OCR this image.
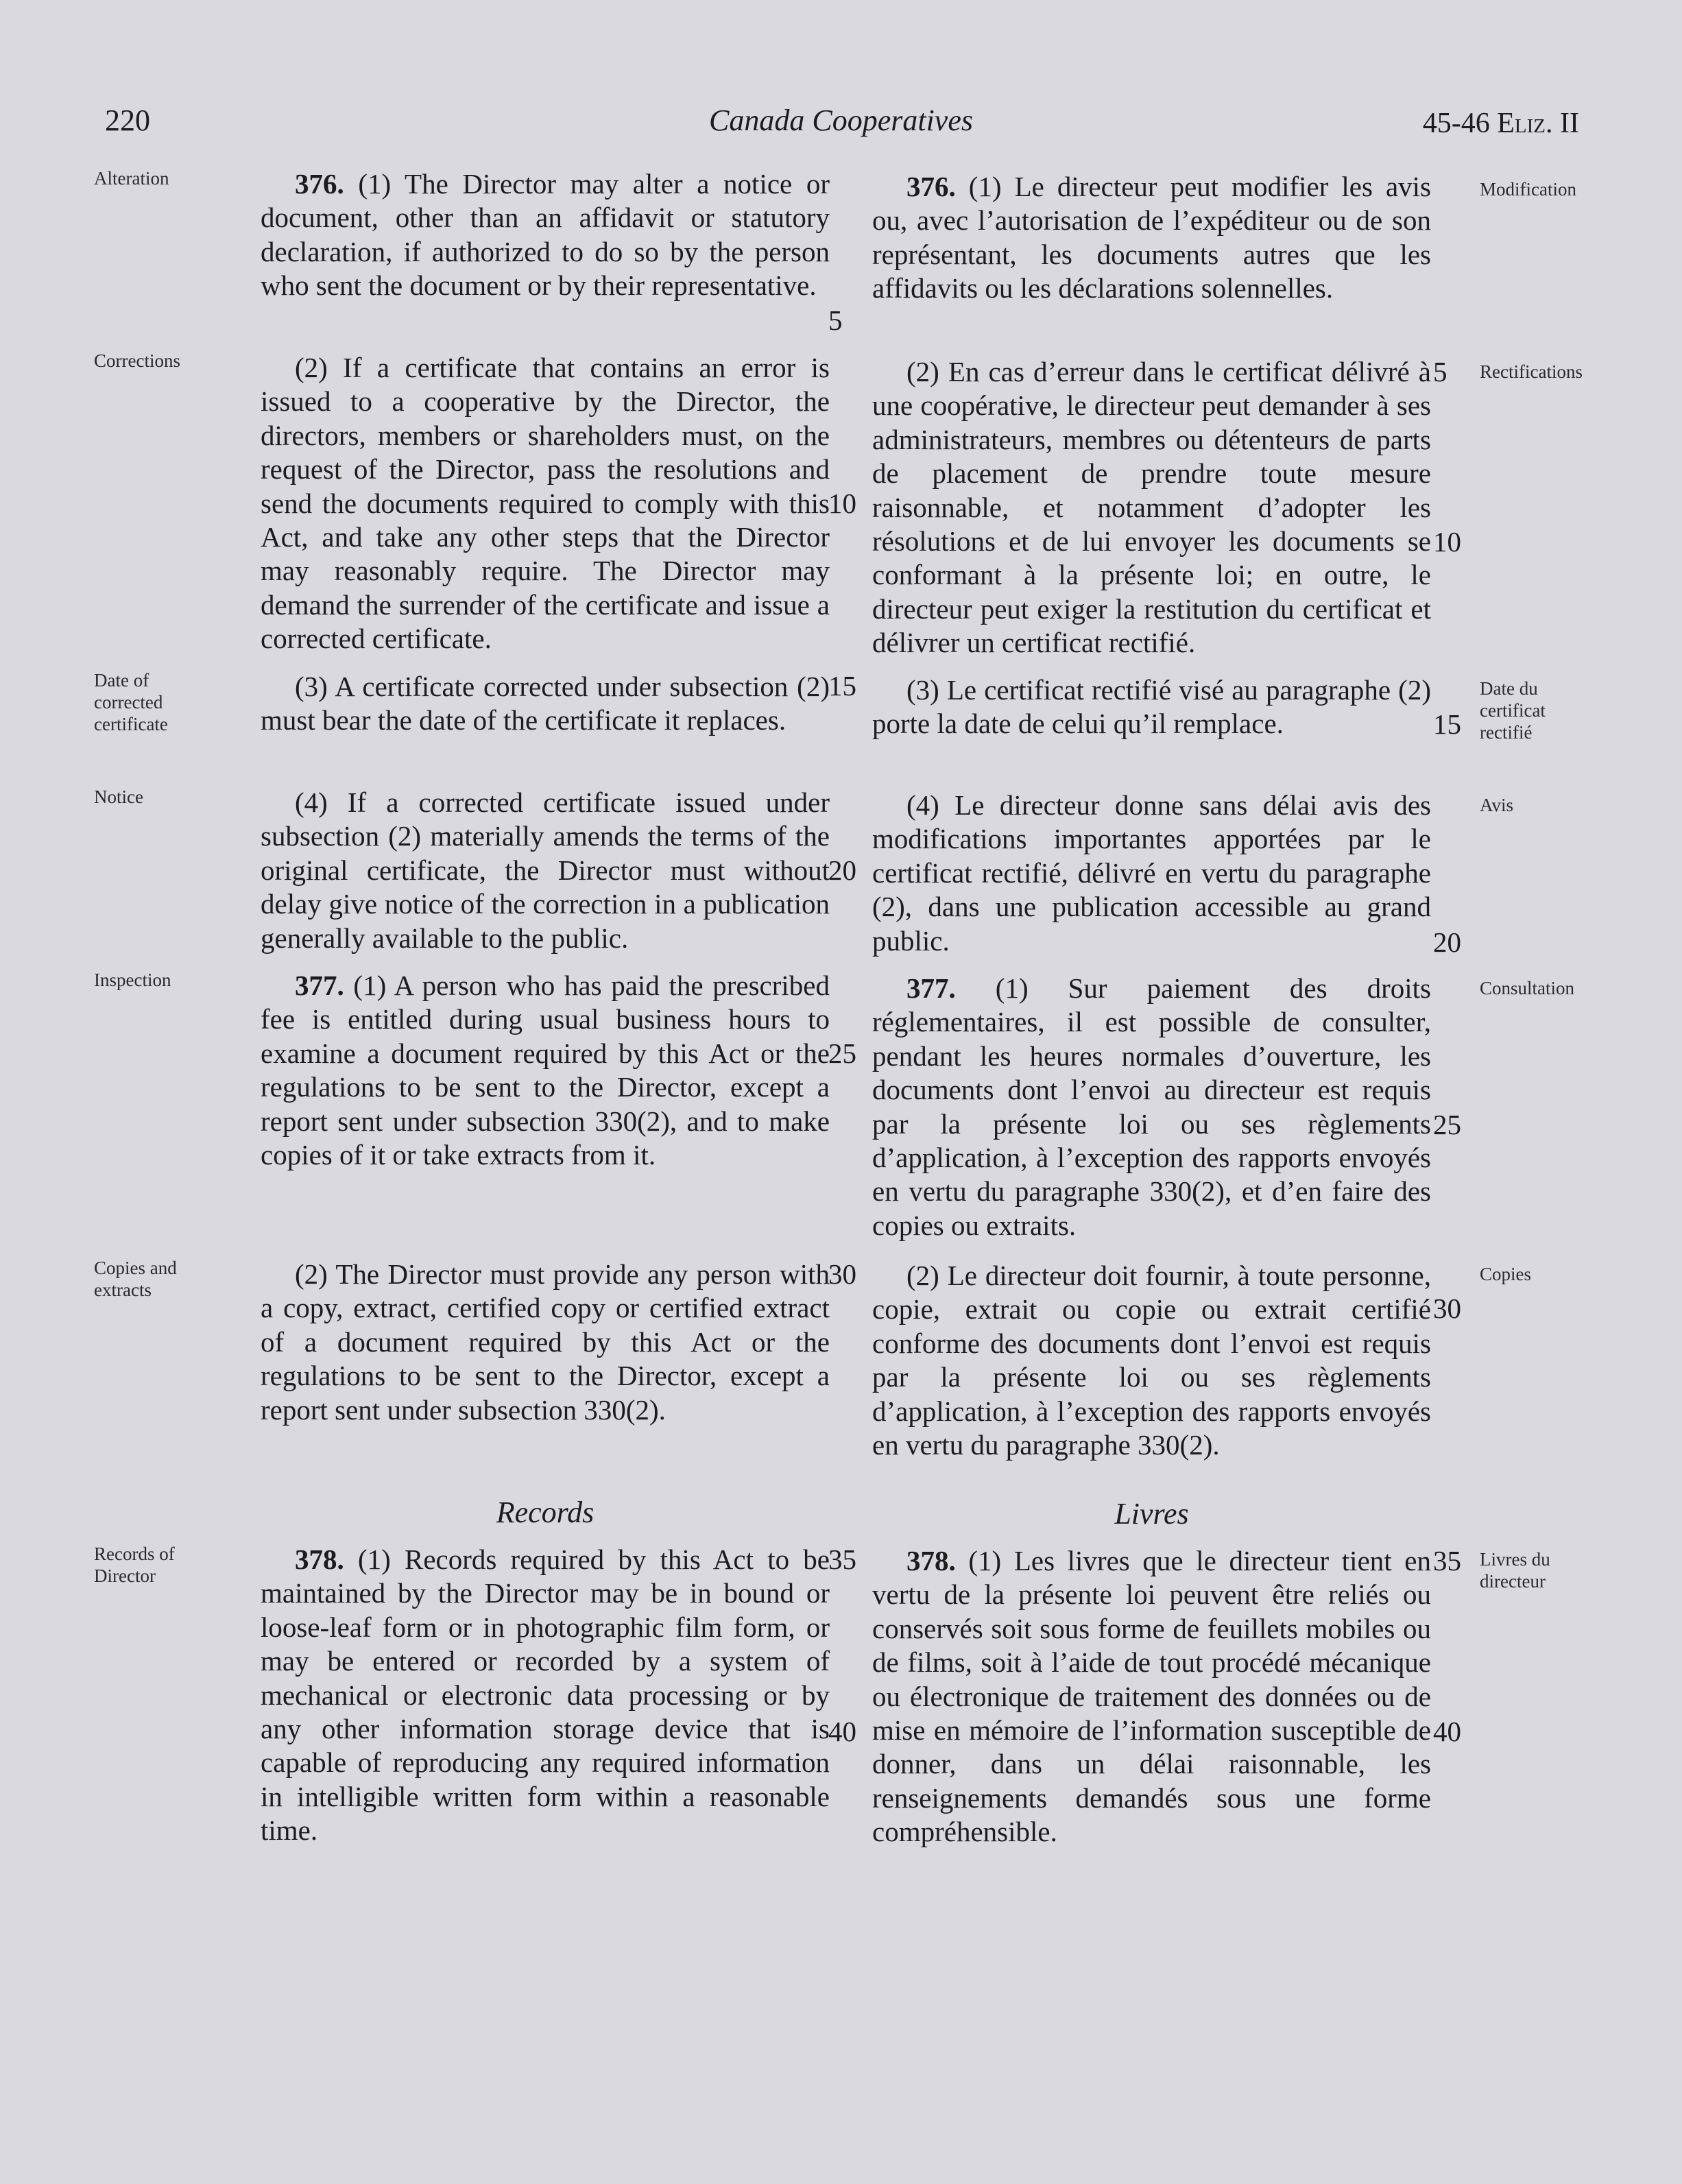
220	Canada Cooperatives	45-46 Eliz. II
Alteration
Corrections
Date of corrected certificate
Notice
Inspection
Copies and extracts
Records of Director
Modification
Rectifications
Date du certificat rectifié
Avis
Consultation
Copies
Livres du directeur
376. (1) The Director may alter a notice or document, other than an affidavit or statutory declaration, if authorized to do so by the person who sent the document or by their representative.
(2) If a certificate that contains an error is issued to a cooperative by the Director, the directors, members or shareholders must, on the request of the Director, pass the resolutions and send the documents required to comply with this Act, and take any other steps that the Director may reasonably require. The Director may demand the surrender of the certificate and issue a corrected certificate.
(3) A certificate corrected under subsection (2) must bear the date of the certificate it replaces.
(4) If a corrected certificate issued under subsection (2) materially amends the terms of the original certificate, the Director must without delay give notice of the correction in a publication generally available to the public.
377. (1) A person who has paid the prescribed fee is entitled during usual business hours to examine a document required by this Act or the regulations to be sent to the Director, except a report sent under subsection 330(2), and to make copies of it or take extracts from it.
(2) The Director must provide any person with a copy, extract, certified copy or certified extract of a document required by this Act or the regulations to be sent to the Director, except a report sent under subsection 330(2).
Records
378. (1) Records required by this Act to be maintained by the Director may be in bound or loose-leaf form or in photographic film form, or may be entered or recorded by a system of mechanical or electronic data processing or by any other information storage device that is capable of reproducing any required information in intelligible written form within a reasonable time.
376. (1) Le directeur peut modifier les avis ou, avec l’autorisation de l’expéditeur ou de son représentant, les documents autres que les affidavits ou les déclarations solennelles.
(2) En cas d’erreur dans le certificat délivré à une coopérative, le directeur peut demander à ses administrateurs, membres ou détenteurs de parts de placement de prendre toute mesure raisonnable, et notamment d’adopter les résolutions et de lui envoyer les documents se conformant à la présente loi; en outre, le directeur peut exiger la restitution du certificat et délivrer un certificat rectifié.
(3) Le certificat rectifié visé au paragraphe (2) porte la date de celui qu’il remplace.
(4) Le directeur donne sans délai avis des modifications importantes apportées par le certificat rectifié, délivré en vertu du paragraphe (2), dans une publication accessible au grand public.
377. (1) Sur paiement des droits réglementaires, il est possible de consulter, pendant les heures normales d’ouverture, les documents dont l’envoi au directeur est requis par la présente loi ou ses règlements d’application, à l’exception des rapports envoyés en vertu du paragraphe 330(2), et d’en faire des copies ou extraits.
(2) Le directeur doit fournir, à toute personne, copie, extrait ou copie ou extrait certifié conforme des documents dont l’envoi est requis par la présente loi ou ses règlements d’application, à l’exception des rapports envoyés en vertu du paragraphe 330(2).
Livres
378. (1) Les livres que le directeur tient en vertu de la présente loi peuvent être reliés ou conservés soit sous forme de feuillets mobiles ou de films, soit à l’aide de tout procédé mécanique ou électronique de traitement des données ou de mise en mémoire de l’information susceptible de donner, dans un délai raisonnable, les renseignements demandés sous une forme compréhensible.
5
10
15
20
25
30
35
40
5
10
15
20
25
30
35
40
